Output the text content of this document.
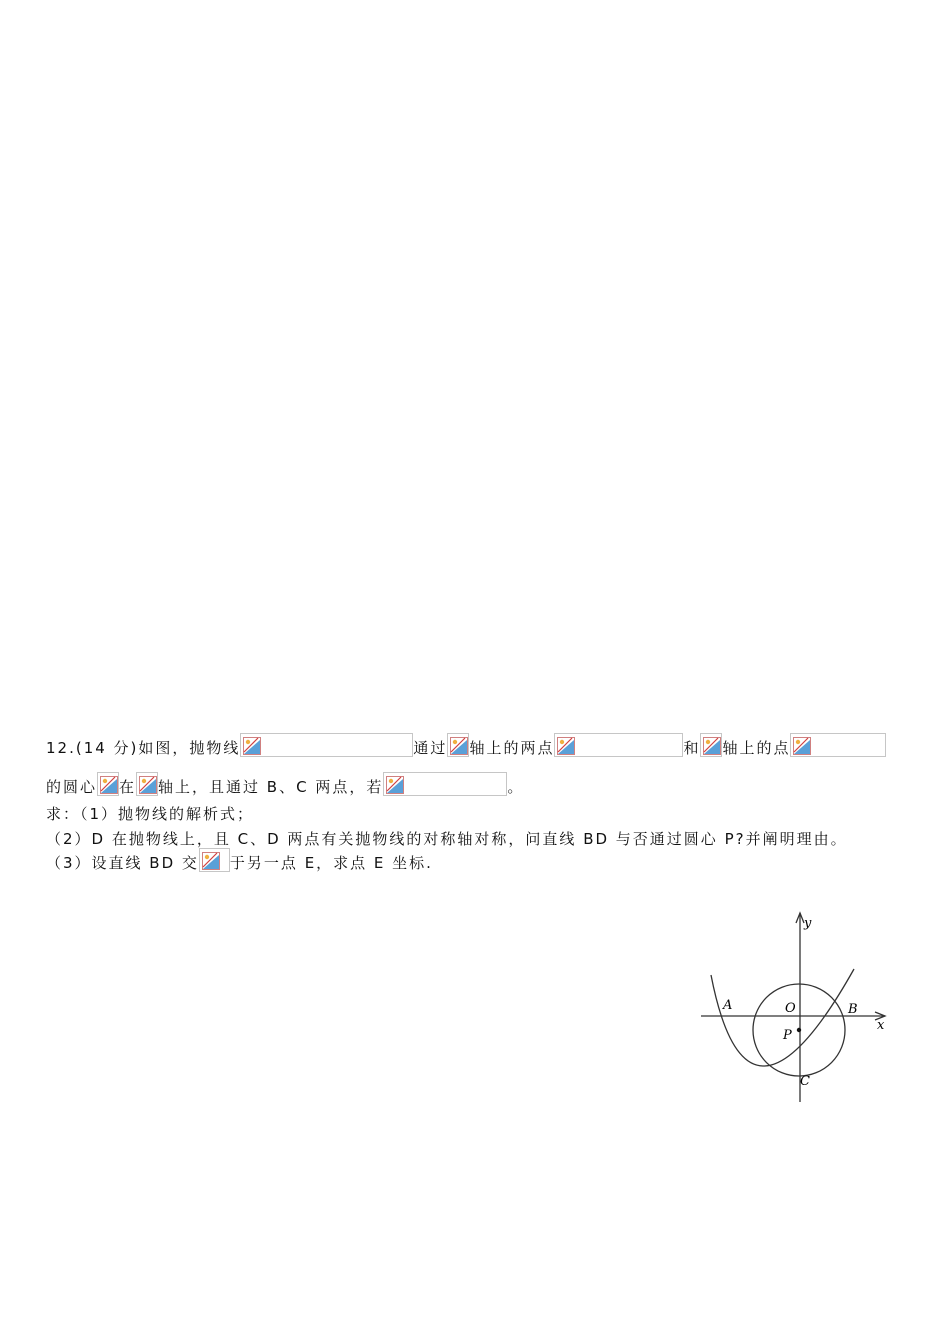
12.(14 分)如图，抛物线	通过 轴上的两点	和 轴上的点
的圆心 在 轴上，且通过 B、C 两点，若	。
求：（1）抛物线的解析式；
（2）D 在抛物线上，且 C、D 两点有关抛物线的对称轴对称，问直线 BD 与否通过圆心 P?并阐明理由。
（3）设直线 BD 交 于另一点 E，求点 E 坐标.
y
x
O
A	B
P
C
